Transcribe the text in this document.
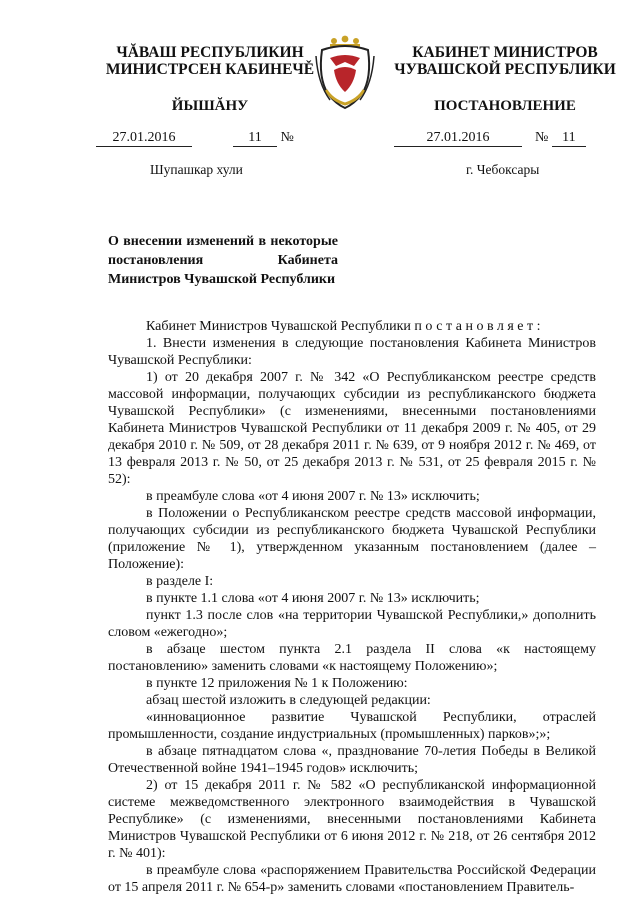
ЧĂВАШ РЕСПУБЛИКИН
МИНИСТРСЕН КАБИНЕЧĚ
КАБИНЕТ МИНИСТРОВ
ЧУВАШСКОЙ РЕСПУБЛИКИ
ЙЫШĂНУ	ПОСТАНОВЛЕНИЕ
27.01.2016	11 №	27.01.2016	№ 11
Шупашкар хули	г. Чебоксары
О внесении изменений в некоторые постановления Кабинета Министров Чувашской Республики

Кабинет Министров Чувашской Республики постановляет:

1. Внести изменения в следующие постановления Кабинета Министров Чувашской Республики:

1) от 20 декабря 2007 г. № 342 «О Республиканском реестре средств массовой информации, получающих субсидии из республиканского бюджета Чувашской Республики» (с изменениями, внесенными постановлениями Кабинета Министров Чувашской Республики от 11 декабря 2009 г. № 405, от 29 декабря 2010 г. № 509, от 28 декабря 2011 г. № 639, от 9 ноября 2012 г. № 469, от 13 февраля 2013 г. № 50, от 25 декабря 2013 г. № 531, от 25 февраля 2015 г. № 52):

в преамбуле слова «от 4 июня 2007 г. № 13» исключить;

в Положении о Республиканском реестре средств массовой информации, получающих субсидии из республиканского бюджета Чувашской Республики (приложение № 1), утвержденном указанным постановлением (далее – Положение):

в разделе I:

в пункте 1.1 слова «от 4 июня 2007 г. № 13» исключить;

пункт 1.3 после слов «на территории Чувашской Республики,» дополнить словом «ежегодно»;

в абзаце шестом пункта 2.1 раздела II слова «к настоящему постановлению» заменить словами «к настоящему Положению»;

в пункте 12 приложения № 1 к Положению:

абзац шестой изложить в следующей редакции:

«инновационное развитие Чувашской Республики, отраслей промышленности, создание индустриальных (промышленных) парков»;»;

в абзаце пятнадцатом слова «, празднование 70-летия Победы в Великой Отечественной войне 1941–1945 годов» исключить;

2) от 15 декабря 2011 г. № 582 «О республиканской информационной системе межведомственного электронного взаимодействия в Чувашской Республике» (с изменениями, внесенными постановлениями Кабинета Министров Чувашской Республики от 6 июня 2012 г. № 218, от 26 сентября 2012 г. № 401):

в преамбуле слова «распоряжением Правительства Российской Федерации от 15 апреля 2011 г. № 654-р» заменить словами «постановлением Правитель-
